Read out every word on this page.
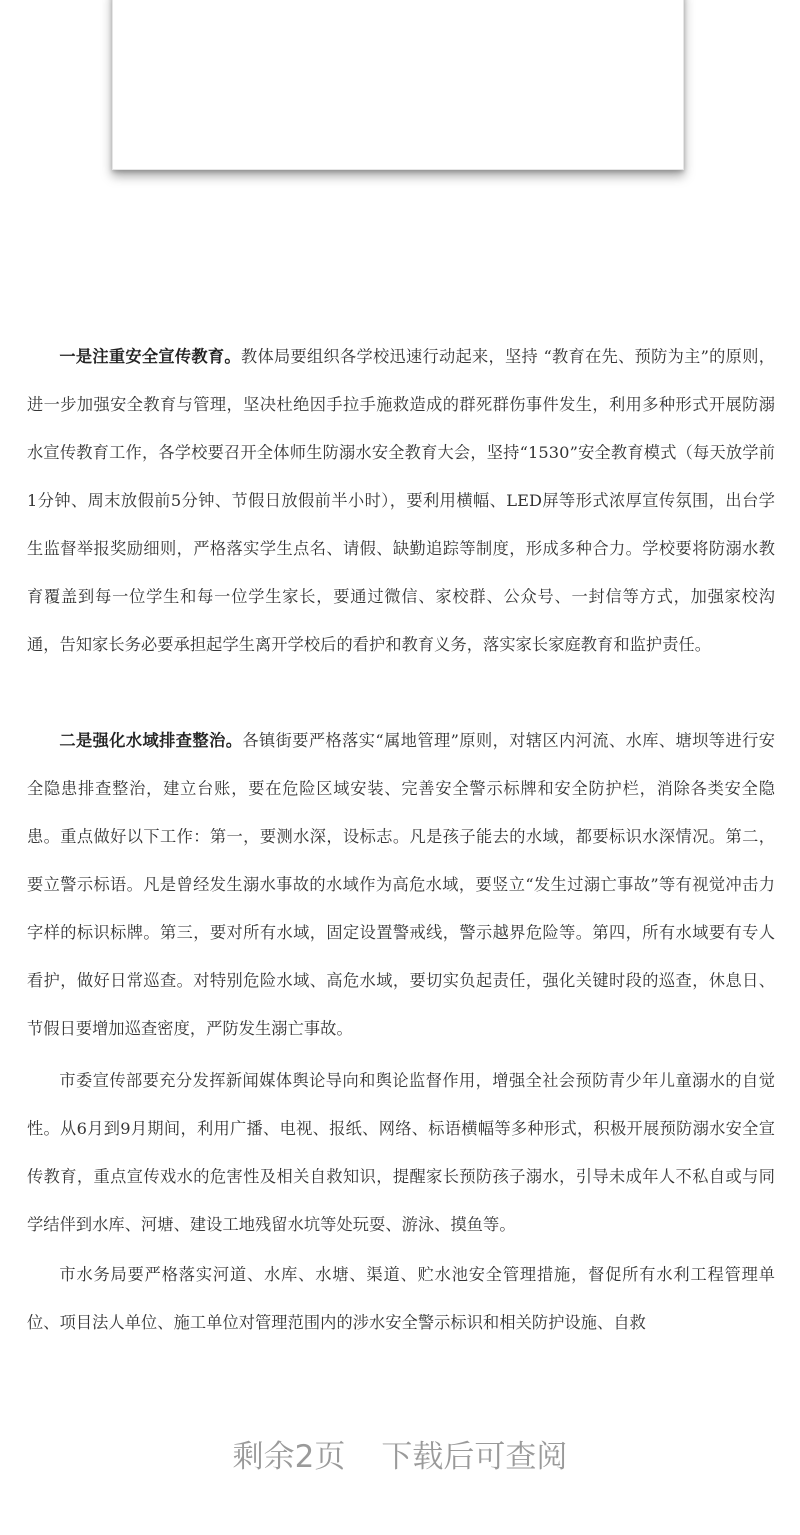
一是注重安全宣传教育。教体局要组织各学校迅速行动起来，坚持 “教育在先、预防为主”的原则，进一步加强安全教育与管理，坚决杜绝因手拉手施救造成的群死群伤事件发生，利用多种形式开展防溺水宣传教育工作，各学校要召开全体师生防溺水安全教育大会，坚持“1530”安全教育模式（每天放学前1分钟、周末放假前5分钟、节假日放假前半小时），要利用横幅、LED屏等形式浓厚宣传氛围，出台学生监督举报奖励细则，严格落实学生点名、请假、缺勤追踪等制度，形成多种合力。学校要将防溺水教育覆盖到每一位学生和每一位学生家长，要通过微信、家校群、公众号、一封信等方式，加强家校沟通，告知家长务必要承担起学生离开学校后的看护和教育义务，落实家长家庭教育和监护责任。

二是强化水域排查整治。各镇街要严格落实“属地管理”原则，对辖区内河流、水库、塘坝等进行安全隐患排查整治，建立台账，要在危险区域安装、完善安全警示标牌和安全防护栏，消除各类安全隐患。重点做好以下工作：第一，要测水深，设标志。凡是孩子能去的水域，都要标识水深情况。第二，要立警示标语。凡是曾经发生溺水事故的水域作为高危水域，要竖立“发生过溺亡事故”等有视觉冲击力字样的标识标牌。第三，要对所有水域，固定设置警戒线，警示越界危险等。第四，所有水域要有专人看护，做好日常巡查。对特别危险水域、高危水域，要切实负起责任，强化关键时段的巡查，休息日、节假日要增加巡查密度，严防发生溺亡事故。

市委宣传部要充分发挥新闻媒体舆论导向和舆论监督作用，增强全社会预防青少年儿童溺水的自觉性。从6月到9月期间，利用广播、电视、报纸、网络、标语横幅等多种形式，积极开展预防溺水安全宣传教育，重点宣传戏水的危害性及相关自救知识，提醒家长预防孩子溺水，引导未成年人不私自或与同学结伴到水库、河塘、建设工地残留水坑等处玩耍、游泳、摸鱼等。

市水务局要严格落实河道、水库、水塘、渠道、贮水池安全管理措施，督促所有水利工程管理单位、项目法人单位、施工单位对管理范围内的涉水安全警示标识和相关防护设施、自救

剩余2页 下载后可查阅
